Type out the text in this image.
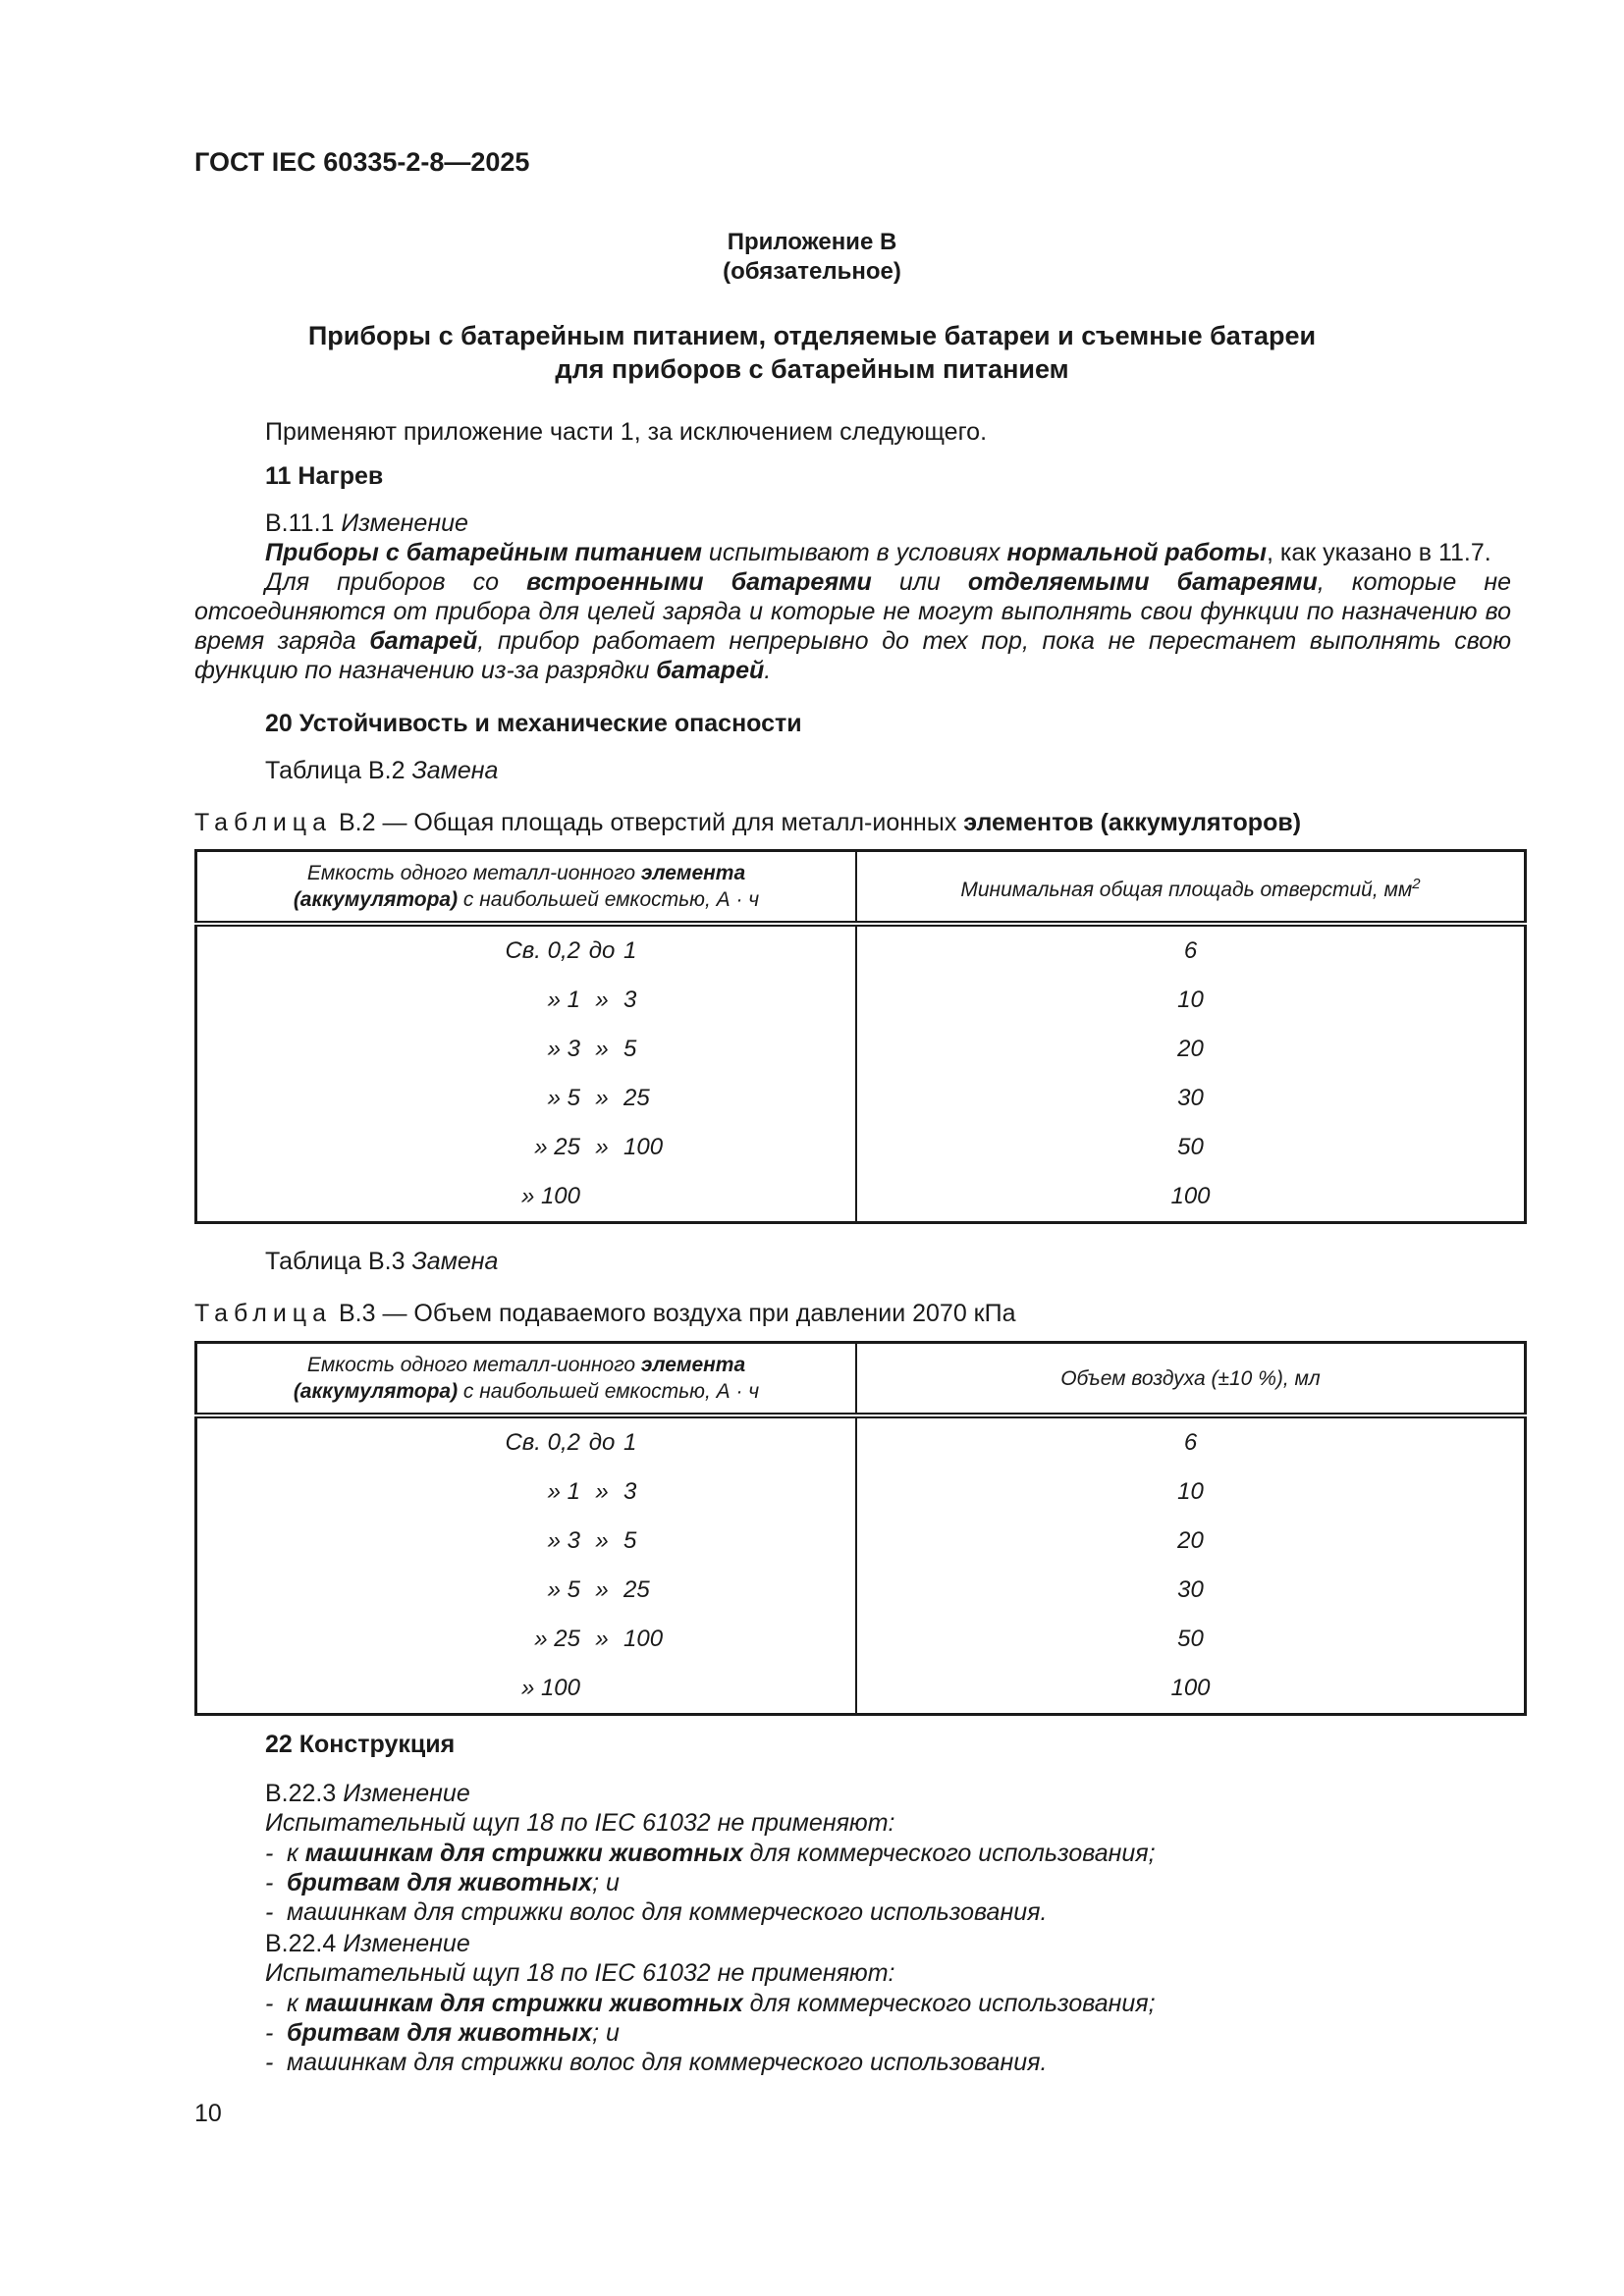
ГОСТ IEC 60335-2-8—2025
Приложение В
(обязательное)
Приборы с батарейным питанием, отделяемые батареи и съемные батареи
для приборов с батарейным питанием
Применяют приложение части 1, за исключением следующего.
11 Нагрев
В.11.1 Изменение
Приборы с батарейным питанием испытывают в условиях нормальной работы, как указано в 11.7.

Для приборов со встроенными батареями или отделяемыми батареями, которые не отсоединяются от прибора для целей заряда и которые не могут выполнять свои функции по назначению во время заряда батарей, прибор работает непрерывно до тех пор, пока не перестанет выполнять свою функцию по назначению из-за разрядки батарей.

20 Устойчивость и механические опасности
Таблица В.2 Замена
Таблица В.2 — Общая площадь отверстий для металл-ионных элементов (аккумуляторов)
Емкость одного металл-ионного элемента
(аккумулятора) с наибольшей емкостью, А · ч	Минимальная общая площадь отверстий, $мм^2$
Св. 0,2 до 1	6
» 1 » 3	10
» 3 » 5	20
» 5 » 25	30
» 25 » 100	50
» 100	100
Таблица В.3 Замена
Таблица В.3 — Объем подаваемого воздуха при давлении 2070 кПа
Емкость одного металл-ионного элемента
(аккумулятора) с наибольшей емкостью, А · ч	Объем воздуха (±10 %), мл
Св. 0,2 до 1	6
» 1 » 3	10
» 3 » 5	20
» 5 » 25	30
» 25 » 100	50
» 100	100
22 Конструкция
В.22.3 Изменение
Испытательный щуп 18 по IEC 61032 не применяют:
- к машинкам для стрижки животных для коммерческого использования;
- бритвам для животных; и
- машинкам для стрижки волос для коммерческого использования.
В.22.4 Изменение
Испытательный щуп 18 по IEC 61032 не применяют:
- к машинкам для стрижки животных для коммерческого использования;
- бритвам для животных; и
- машинкам для стрижки волос для коммерческого использования.
10
